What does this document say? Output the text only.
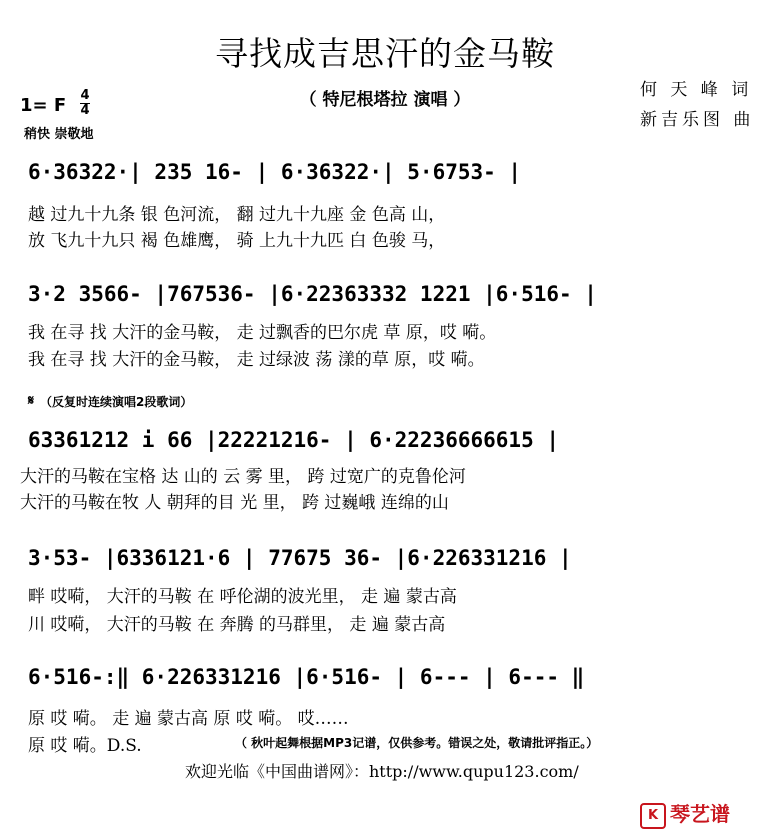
寻找成吉思汗的金马鞍
（ 特尼根塔拉 演唱 ）	何 天 峰 词
新吉乐图 曲
1= F 4
4
稍快 崇敬地
6·36322·| 235 16- | 6·36322·| 5·6753- |
越 过九十九条 银 色河流， 翻 过九十九座 金 色高 山，
放 飞九十九只 褐 色雄鹰， 骑 上九十九匹 白 色骏 马，
3·2 3566- |767536- |6·22363332 1221 |6·516- |
我 在寻 找 大汗的金马鞍， 走 过飘香的巴尔虎 草 原，哎 嗬。
我 在寻 找 大汗的金马鞍， 走 过绿波 荡 漾的草 原，哎 嗬。
𝄋 （反复时连续演唱2段歌词）
63361212 i 66 |22221216- | 6·22236666615 |
大汗的马鞍在宝格 达 山的 云 雾 里， 跨 过宽广的克鲁伦河
大汗的马鞍在牧 人 朝拜的目 光 里， 跨 过巍峨 连绵的山
3·53- |6336121·6 | 77675 36- |6·226331216 |
畔 哎嗬， 大汗的马鞍 在 呼伦湖的波光里， 走 遍 蒙古高
川 哎嗬， 大汗的马鞍 在 奔腾 的马群里， 走 遍 蒙古高
6·516-:‖ 6·226331216 |6·516- | 6--- | 6--- ‖
原 哎 嗬。 走 遍 蒙古高 原 哎 嗬。 哎……
原 哎 嗬。D.S.	（ 秋叶起舞根据MP3记谱，仅供参考。错误之处，敬请批评指正。）
欢迎光临《中国曲谱网》：http://www.qupu123.com/
K 琴艺谱
